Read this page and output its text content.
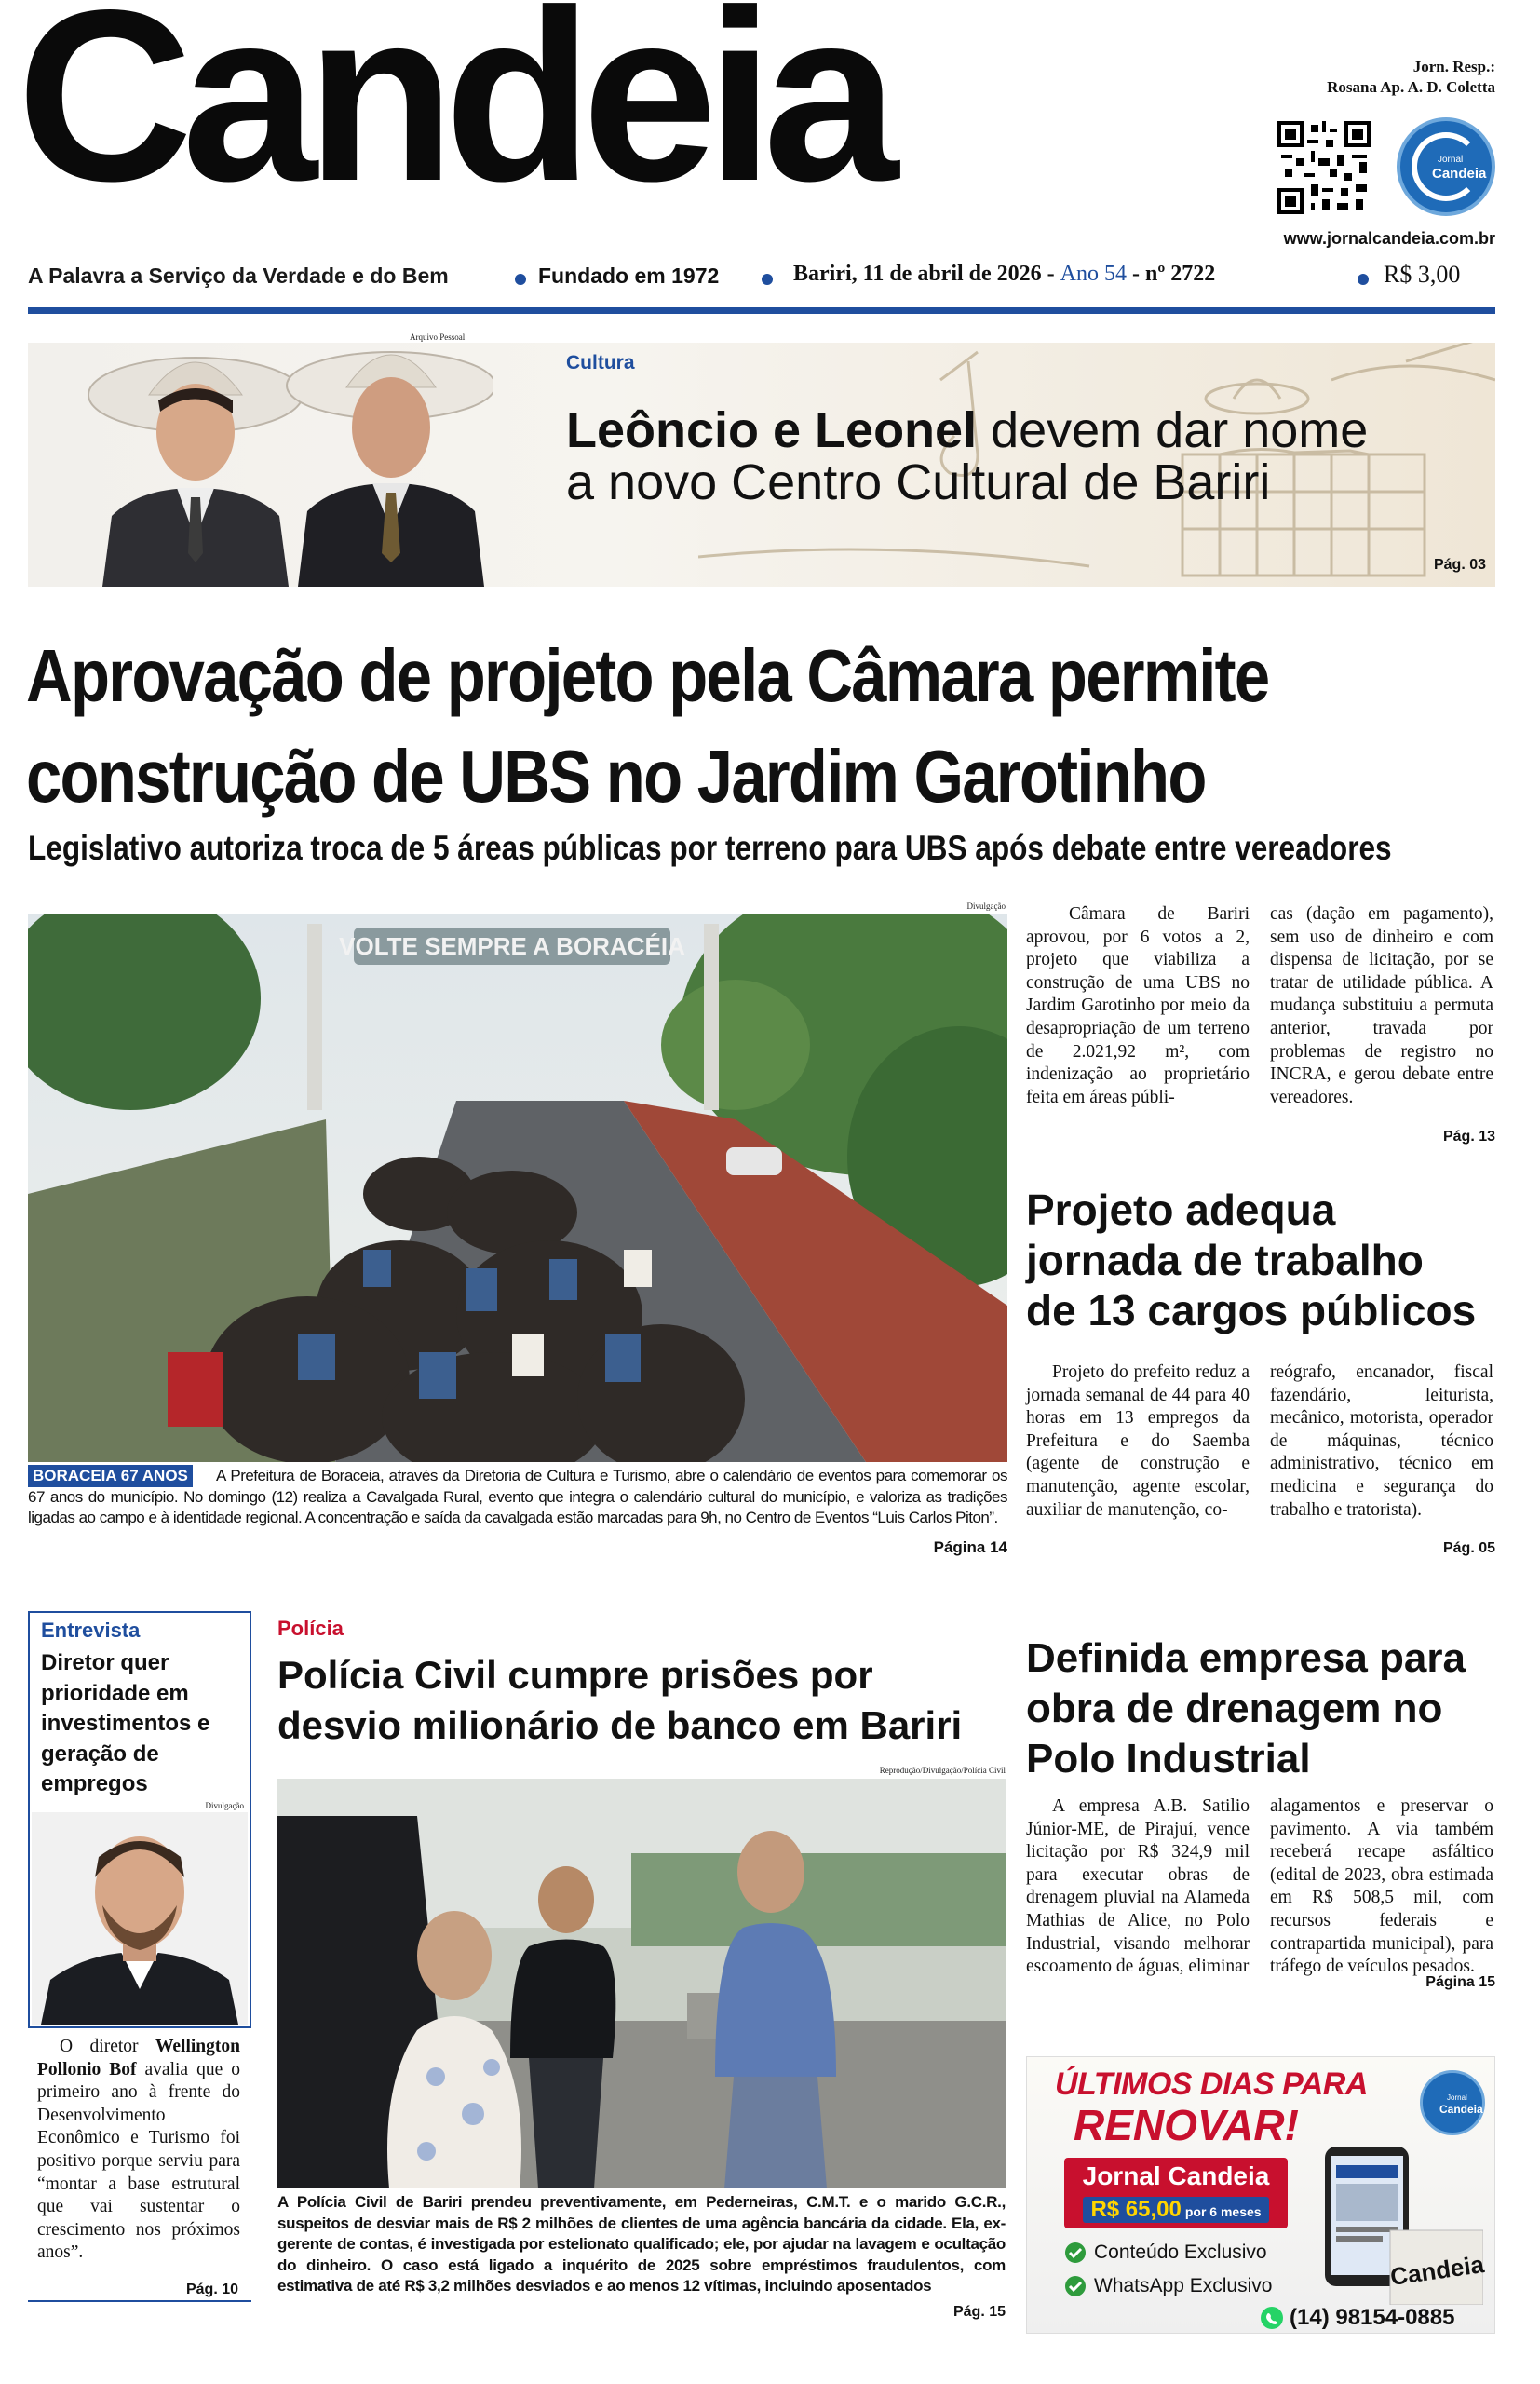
Candeia	Jorn. Resp.:
Rosana Ap. A. D. Coletta
Jornal
Candeia
www.jornalcandeia.com.br
A Palavra a Serviço da Verdade e do Bem	Fundado em 1972	Bariri, 11 de abril de 2026 - Ano 54 - nº 2722	R$ 3,00
Arquivo Pessoal
Cultura
Leôncio e Leonel devem dar nome
a novo Centro Cultural de Bariri
Pág. 03
Aprovação de projeto pela Câmara permite
construção de UBS no Jardim Garotinho
Legislativo autoriza troca de 5 áreas públicas por terreno para UBS após debate entre vereadores
Divulgação
VOLTE SEMPRE A BORACÉIA
BORACEIA 67 ANOS	A Prefeitura de Boraceia, através da Diretoria de Cultura e Turismo, abre o calendário de eventos para comemorar os 67 anos do município. No domingo (12) realiza a Cavalgada Rural, evento que integra o calendário cultural do município, e valoriza as tradições ligadas ao campo e à identidade regional. A concentração e saída da cavalgada estão marcadas para 9h, no Centro de Eventos “Luis Carlos Piton”.
Página 14
Câmara de Bariri aprovou, por 6 votos a 2, projeto que viabiliza a construção de uma UBS no Jardim Garotinho por meio da desapropriação de um terreno de 2.021,92 m², com indenização ao proprietário feita em áreas públi-
cas (dação em pagamento), sem uso de dinheiro e com dispensa de licitação, por se tratar de utilidade pública. A mudança substituiu a permuta anterior, travada por problemas de registro no INCRA, e gerou debate entre vereadores.
Pág. 13
Projeto adequa
jornada de trabalho
de 13 cargos públicos
Projeto do prefeito reduz a jornada semanal de 44 para 40 horas em 13 empregos da Prefeitura e do Saemba (agente de construção e manutenção, agente escolar, auxiliar de manutenção, co-
reógrafo, encanador, fiscal fazendário, leiturista, mecânico, motorista, operador de máquinas, técnico administrativo, técnico em medicina e segurança do trabalho e tratorista).
Pág. 05
Entrevista
Diretor quer prioridade em investimentos e geração de empregos
Divulgação
O diretor Wellington Pollonio Bof avalia que o primeiro ano à frente do Desenvolvimento Econômico e Turismo foi positivo porque serviu para “montar a base estrutural que vai sustentar o crescimento nos próximos anos”.
Pág. 10
Polícia
Polícia Civil cumpre prisões por
desvio milionário de banco em Bariri
Reprodução/Divulgação/Polícia Civil
A Polícia Civil de Bariri prendeu preventivamente, em Pederneiras, C.M.T. e o marido G.C.R., suspeitos de desviar mais de R$ 2 milhões de clientes de uma agência bancária da cidade. Ela, ex-gerente de contas, é investigada por estelionato qualificado; ele, por ajudar na lavagem e ocultação do dinheiro. O caso está ligado a inquérito de 2025 sobre empréstimos fraudulentos, com estimativa de até R$ 3,2 milhões desviados e ao menos 12 vítimas, incluindo aposentados
Pág. 15
Definida empresa para
obra de drenagem no
Polo Industrial
A empresa A.B. Satilio Júnior-ME, de Pirajuí, vence licitação por R$ 324,9 mil para executar obras de drenagem pluvial na Alameda Mathias de Alice, no Polo Industrial, visando melhorar escoamento de águas, eliminar
alagamentos e preservar o pavimento. A via também receberá recape asfáltico (edital de 2023, obra estimada em R$ 508,5 mil, com recursos federais e contrapartida municipal), para tráfego de veículos pesados.
Página 15
ÚLTIMOS DIAS PARA
RENOVAR!
Jornal
Candeia
Jornal Candeia
R$ 65,00 por 6 meses
Conteúdo Exclusivo
WhatsApp Exclusivo	Candeia
(14) 98154-0885
